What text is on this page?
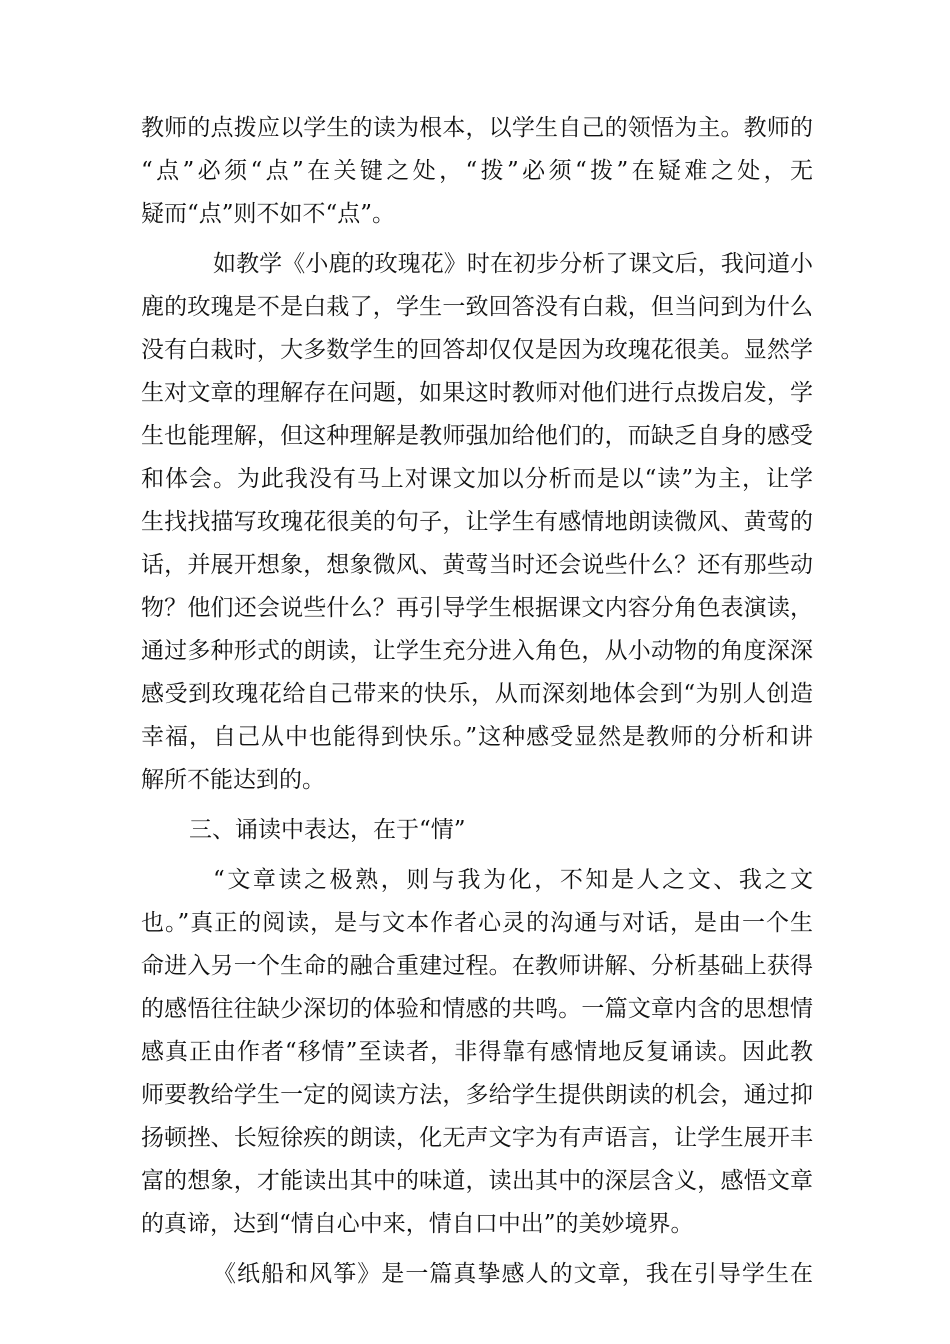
教师的点拨应以学生的读为根本，以学生自己的领悟为主。教师的
“点”必须“点”在关键之处，“拨”必须“拨”在疑难之处，无
疑而“点”则不如不“点”。
如教学《小鹿的玫瑰花》时在初步分析了课文后，我问道小
鹿的玫瑰是不是白栽了，学生一致回答没有白栽，但当问到为什么
没有白栽时，大多数学生的回答却仅仅是因为玫瑰花很美。显然学
生对文章的理解存在问题，如果这时教师对他们进行点拨启发，学
生也能理解，但这种理解是教师强加给他们的，而缺乏自身的感受
和体会。为此我没有马上对课文加以分析而是以“读”为主，让学
生找找描写玫瑰花很美的句子，让学生有感情地朗读微风、黄莺的
话，并展开想象，想象微风、黄莺当时还会说些什么？还有那些动
物？他们还会说些什么？再引导学生根据课文内容分角色表演读，
通过多种形式的朗读，让学生充分进入角色，从小动物的角度深深
感受到玫瑰花给自己带来的快乐，从而深刻地体会到“为别人创造
幸福，自己从中也能得到快乐。”这种感受显然是教师的分析和讲
解所不能达到的。
三、诵读中表达，在于“情”
“文章读之极熟，则与我为化，不知是人之文、我之文
也。”真正的阅读，是与文本作者心灵的沟通与对话，是由一个生
命进入另一个生命的融合重建过程。在教师讲解、分析基础上获得
的感悟往往缺少深切的体验和情感的共鸣。一篇文章内含的思想情
感真正由作者“移情”至读者，非得靠有感情地反复诵读。因此教
师要教给学生一定的阅读方法，多给学生提供朗读的机会，通过抑
扬顿挫、长短徐疾的朗读，化无声文字为有声语言，让学生展开丰
富的想象，才能读出其中的味道，读出其中的深层含义，感悟文章
的真谛，达到“情自心中来，情自口中出”的美妙境界。
《纸船和风筝》是一篇真挚感人的文章，我在引导学生在
